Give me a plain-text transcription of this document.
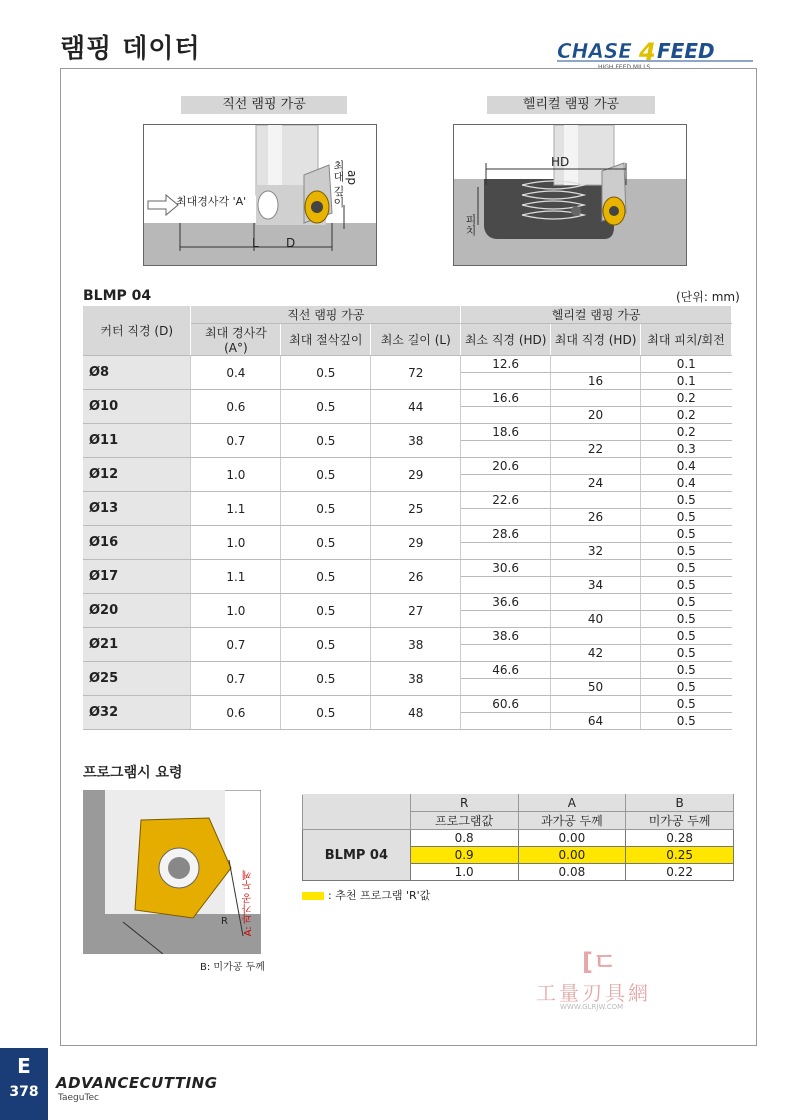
램핑 데이터	CHASE 4 FEED
HIGH FEED MILLS
직선 램핑 가공
최대경사각 'A'
L D
최대 깊이 ap
헬리컬 램핑 가공
HD
피치
BLMP 04	(단위: mm)
커터 직경 (D)	직선 램핑 가공			헬리컬 램핑 가공		
	최대 경사각 (A°)	최대 절삭깊이	최소 길이 (L)	최소 직경 (HD)	최대 직경 (HD)	최대 피치/회전
Ø8	0.4	0.5	72	12.6		0.1
					16	0.1
Ø10	0.6	0.5	44	16.6		0.2
					20	0.2
Ø11	0.7	0.5	38	18.6		0.2
					22	0.3
Ø12	1.0	0.5	29	20.6		0.4
					24	0.4
Ø13	1.1	0.5	25	22.6		0.5
					26	0.5
Ø16	1.0	0.5	29	28.6		0.5
					32	0.5
Ø17	1.1	0.5	26	30.6		0.5
					34	0.5
Ø20	1.0	0.5	27	36.6		0.5
					40	0.5
Ø21	0.7	0.5	38	38.6		0.5
					42	0.5
Ø25	0.7	0.5	38	46.6		0.5
					50	0.5
Ø32	0.6	0.5	48	60.6		0.5
					64	0.5
프로그램시 요령
R A: 과가공 두께
B: 미가공 두께
	R	A	B
	프로그램값	과가공 두께	미가공 두께
BLMP 04	0.8	0.00	0.28
	0.9	0.00	0.25
	1.0	0.08	0.22
: 추천 프로그램 'R'값
[ㄷ
工量刃具網
WWW.GLRJW.COM
E
378	ADVANCECUTTING
TaeguTec
